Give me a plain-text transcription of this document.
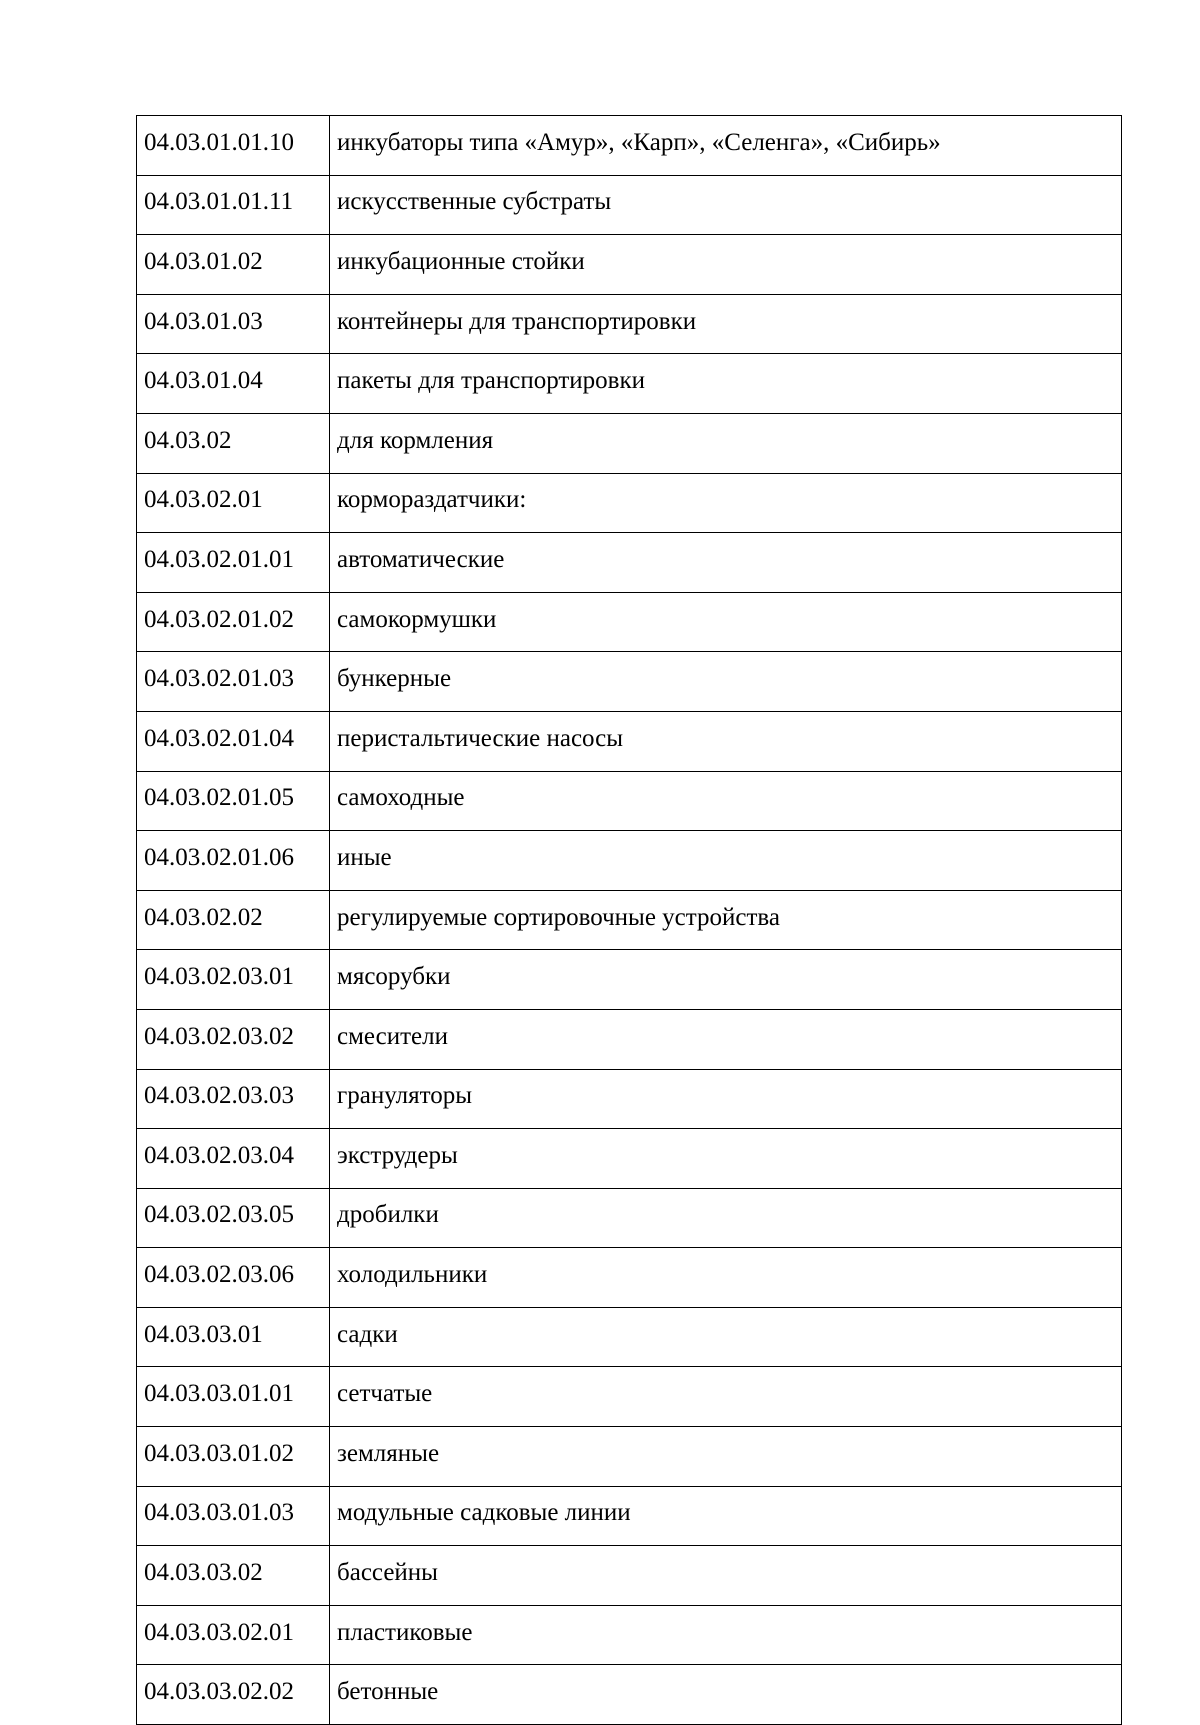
04.03.01.01.10	инкубаторы типа «Амур», «Карп», «Селенга», «Сибирь»
04.03.01.01.11	искусственные субстраты
04.03.01.02	инкубационные стойки
04.03.01.03	контейнеры для транспортировки
04.03.01.04	пакеты для транспортировки
04.03.02	для кормления
04.03.02.01	кормораздатчики:
04.03.02.01.01	автоматические
04.03.02.01.02	самокормушки
04.03.02.01.03	бункерные
04.03.02.01.04	перистальтические насосы
04.03.02.01.05	самоходные
04.03.02.01.06	иные
04.03.02.02	регулируемые сортировочные устройства
04.03.02.03.01	мясорубки
04.03.02.03.02	смесители
04.03.02.03.03	грануляторы
04.03.02.03.04	экструдеры
04.03.02.03.05	дробилки
04.03.02.03.06	холодильники
04.03.03.01	садки
04.03.03.01.01	сетчатые
04.03.03.01.02	земляные
04.03.03.01.03	модульные садковые линии
04.03.03.02	бассейны
04.03.03.02.01	пластиковые
04.03.03.02.02	бетонные
